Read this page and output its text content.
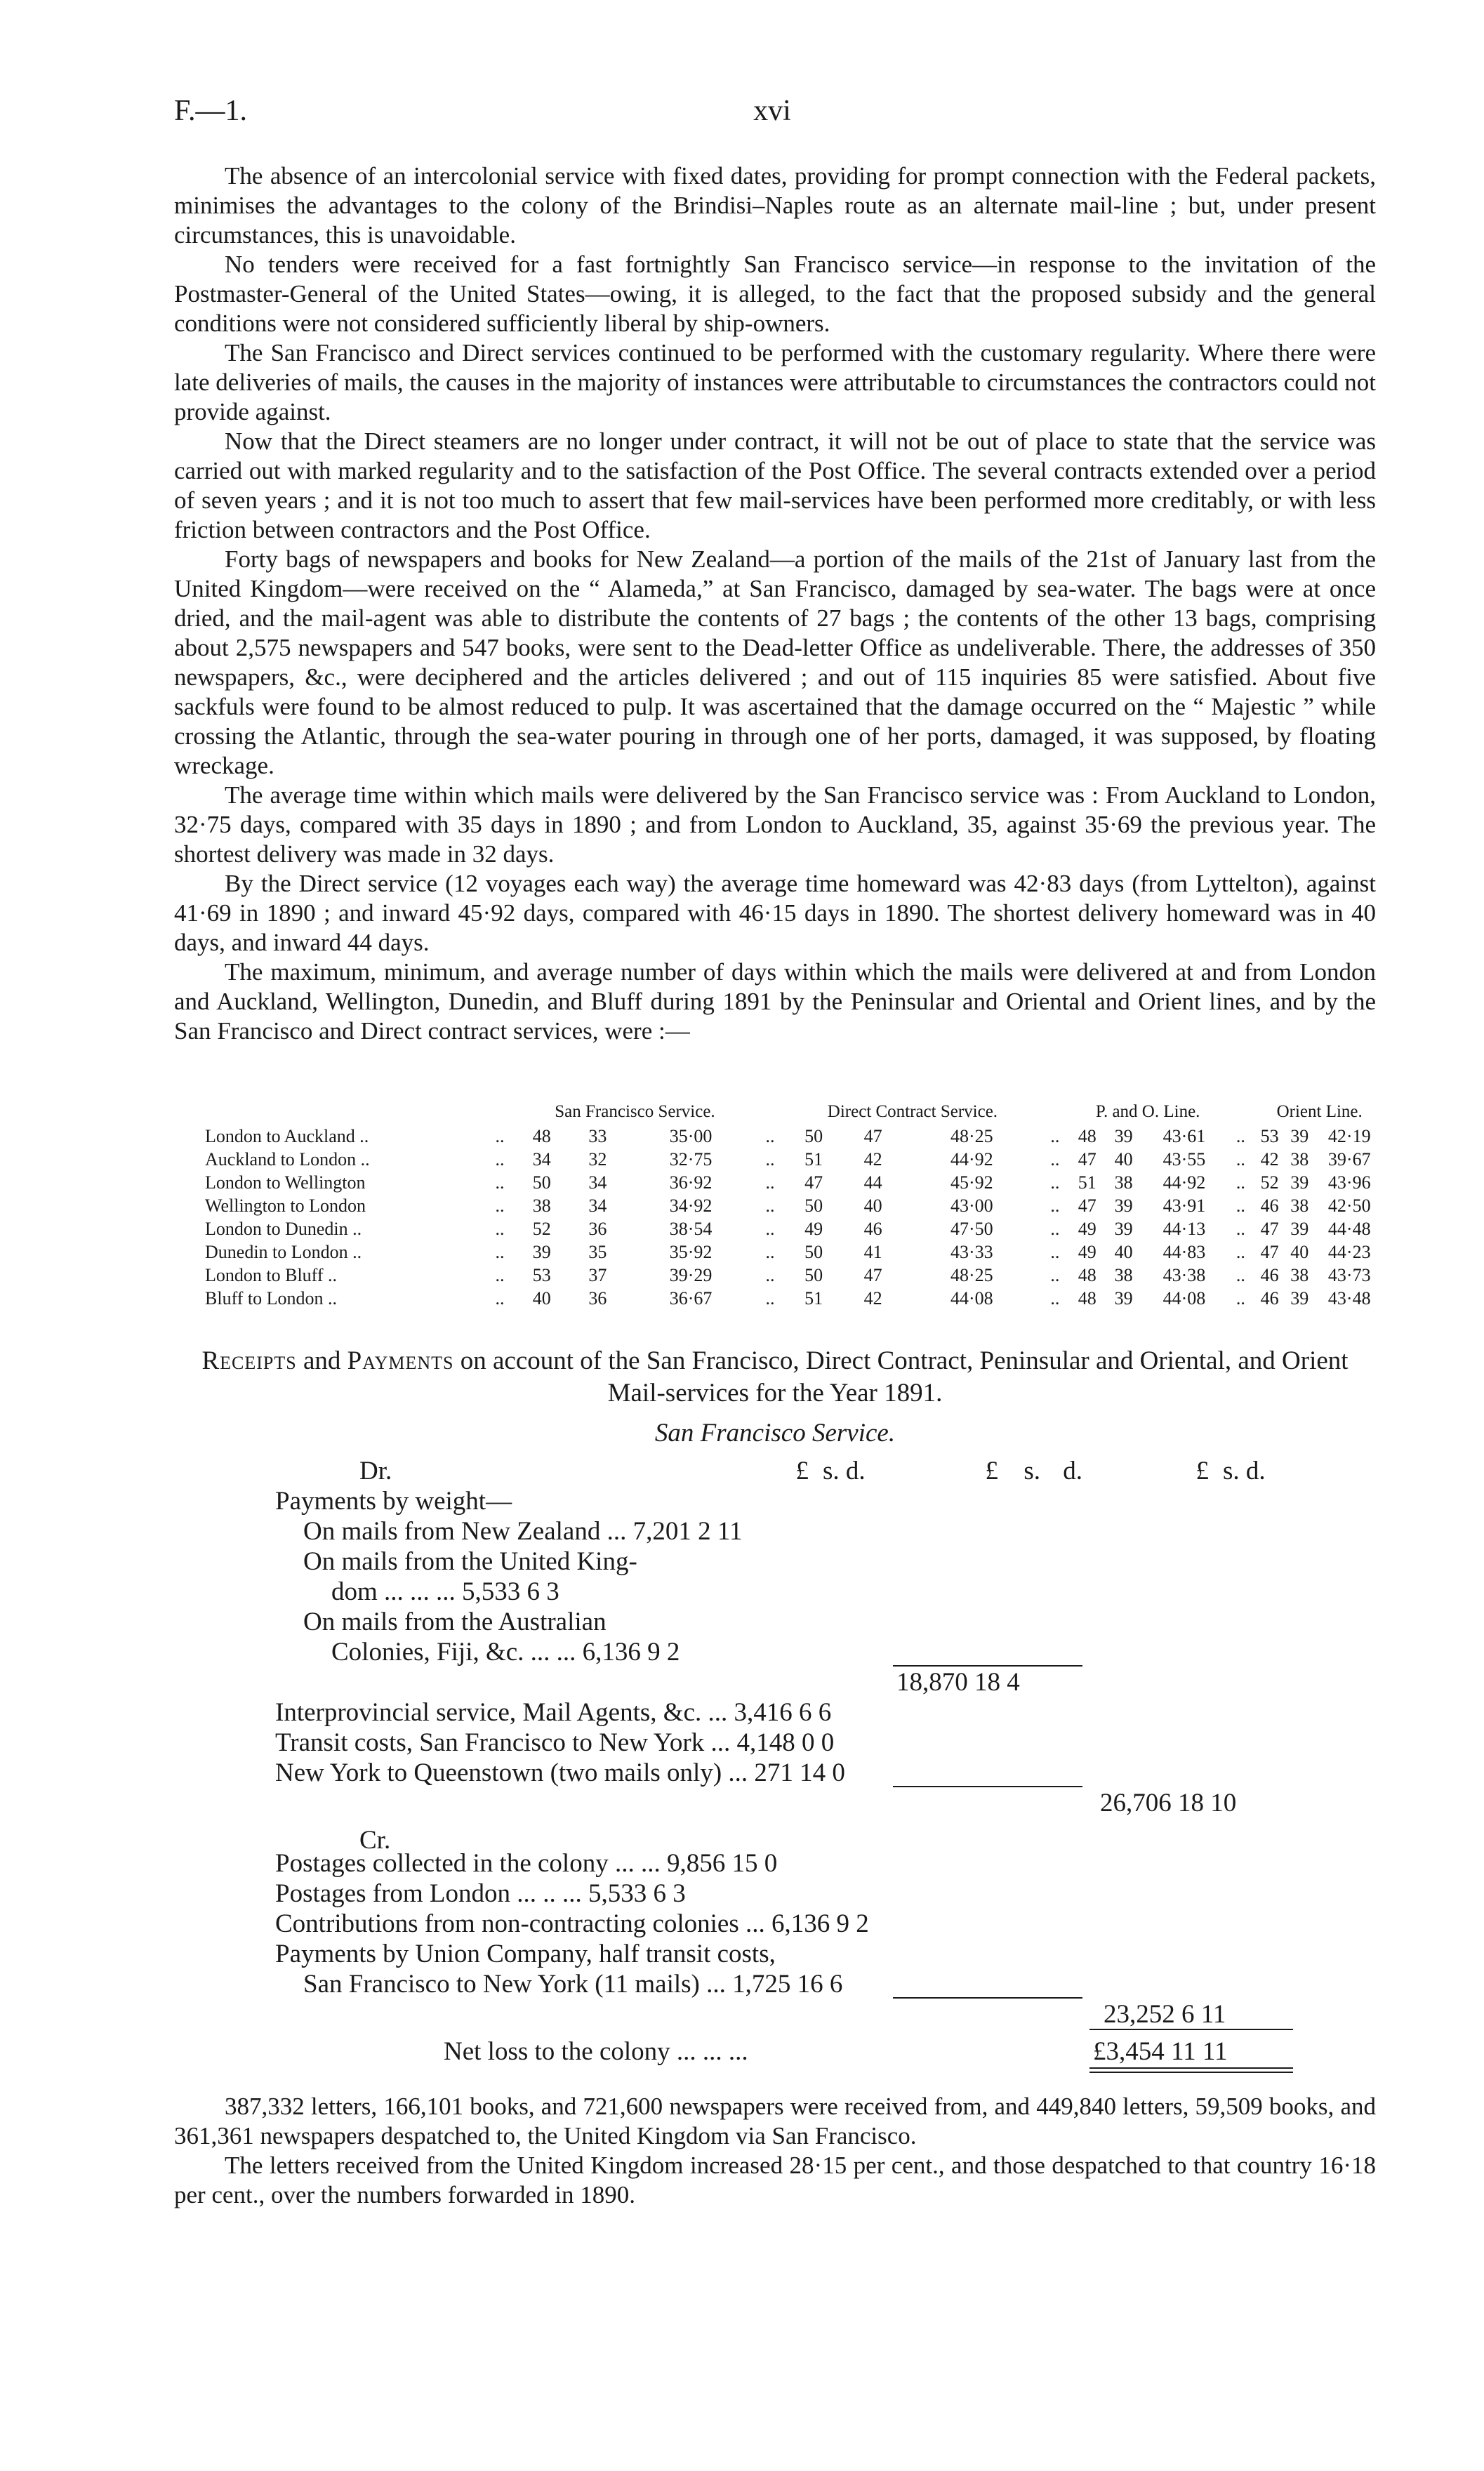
F.—1.	xvi

The absence of an intercolonial service with fixed dates, providing for prompt connection with the Federal packets, minimises the advantages to the colony of the Brindisi–Naples route as an alternate mail-line ; but, under present circumstances, this is unavoidable.

No tenders were received for a fast fortnightly San Francisco service—in response to the invitation of the Postmaster-General of the United States—owing, it is alleged, to the fact that the proposed subsidy and the general conditions were not considered sufficiently liberal by ship-owners.

The San Francisco and Direct services continued to be performed with the customary regularity. Where there were late deliveries of mails, the causes in the majority of instances were attributable to circumstances the contractors could not provide against.

Now that the Direct steamers are no longer under contract, it will not be out of place to state that the service was carried out with marked regularity and to the satisfaction of the Post Office. The several contracts extended over a period of seven years ; and it is not too much to assert that few mail-services have been performed more creditably, or with less friction between contractors and the Post Office.

Forty bags of newspapers and books for New Zealand—a portion of the mails of the 21st of January last from the United Kingdom—were received on the “ Alameda,” at San Francisco, damaged by sea-water. The bags were at once dried, and the mail-agent was able to distribute the contents of 27 bags ; the contents of the other 13 bags, comprising about 2,575 newspapers and 547 books, were sent to the Dead-letter Office as undeliverable. There, the addresses of 350 newspapers, &c., were deciphered and the articles delivered ; and out of 115 inquiries 85 were satisfied. About five sackfuls were found to be almost reduced to pulp. It was ascertained that the damage occurred on the “ Majestic ” while crossing the Atlantic, through the sea-water pouring in through one of her ports, damaged, it was supposed, by floating wreckage.

The average time within which mails were delivered by the San Francisco service was : From Auckland to London, 32·75 days, compared with 35 days in 1890 ; and from London to Auckland, 35, against 35·69 the previous year. The shortest delivery was made in 32 days.

By the Direct service (12 voyages each way) the average time homeward was 42·83 days (from Lyttelton), against 41·69 in 1890 ; and inward 45·92 days, compared with 46·15 days in 1890. The shortest delivery homeward was in 40 days, and inward 44 days.

The maximum, minimum, and average number of days within which the mails were delivered at and from London and Auckland, Wellington, Dunedin, and Bluff during 1891 by the Peninsular and Oriental and Orient lines, and by the San Francisco and Direct contract services, were :—

		San Francisco Service.				Direct Contract Service.				P. and O. Line.				Orient Line.		
London to Auckland ..	..	48	33	35·00	..	50	47	48·25	..	48	39	43·61	..	53	39	42·19
Auckland to London ..	..	34	32	32·75	..	51	42	44·92	..	47	40	43·55	..	42	38	39·67
London to Wellington	..	50	34	36·92	..	47	44	45·92	..	51	38	44·92	..	52	39	43·96
Wellington to London	..	38	34	34·92	..	50	40	43·00	..	47	39	43·91	..	46	38	42·50
London to Dunedin ..	..	52	36	38·54	..	49	46	47·50	..	49	39	44·13	..	47	39	44·48
Dunedin to London ..	..	39	35	35·92	..	50	41	43·33	..	49	40	44·83	..	47	40	44·23
London to Bluff ..	..	53	37	39·29	..	50	47	48·25	..	48	38	43·38	..	46	38	43·73
Bluff to London ..	..	40	36	36·67	..	51	42	44·08	..	48	39	44·08	..	46	39	43·48
Receipts and Payments on account of the San Francisco, Direct Contract, Peninsular and Oriental, and Orient Mail-services for the Year 1891.
San Francisco Service.
Dr.	£ s. d.	£ s. d.	£ s. d.
Payments by weight—
On mails from New Zealand ... 7,201 2 11
On mails from the United King-
dom ... ... ... 5,533 6 3
On mails from the Australian
Colonies, Fiji, &c. ... ... 6,136 9 2
18,870 18 4
Interprovincial service, Mail Agents, &c. ... 3,416 6 6
Transit costs, San Francisco to New York ... 4,148 0 0
New York to Queenstown (two mails only) ... 271 14 0
26,706 18 10
Cr.
Postages collected in the colony ... ... 9,856 15 0
Postages from London ... .. ... 5,533 6 3
Contributions from non-contracting colonies ... 6,136 9 2
Payments by Union Company, half transit costs,
San Francisco to New York (11 mails) ... 1,725 16 6
23,252 6 11
Net loss to the colony ... ... ...	£3,454 11 11

387,332 letters, 166,101 books, and 721,600 newspapers were received from, and 449,840 letters, 59,509 books, and 361,361 newspapers despatched to, the United Kingdom via San Francisco.

The letters received from the United Kingdom increased 28·15 per cent., and those despatched to that country 16·18 per cent., over the numbers forwarded in 1890.
